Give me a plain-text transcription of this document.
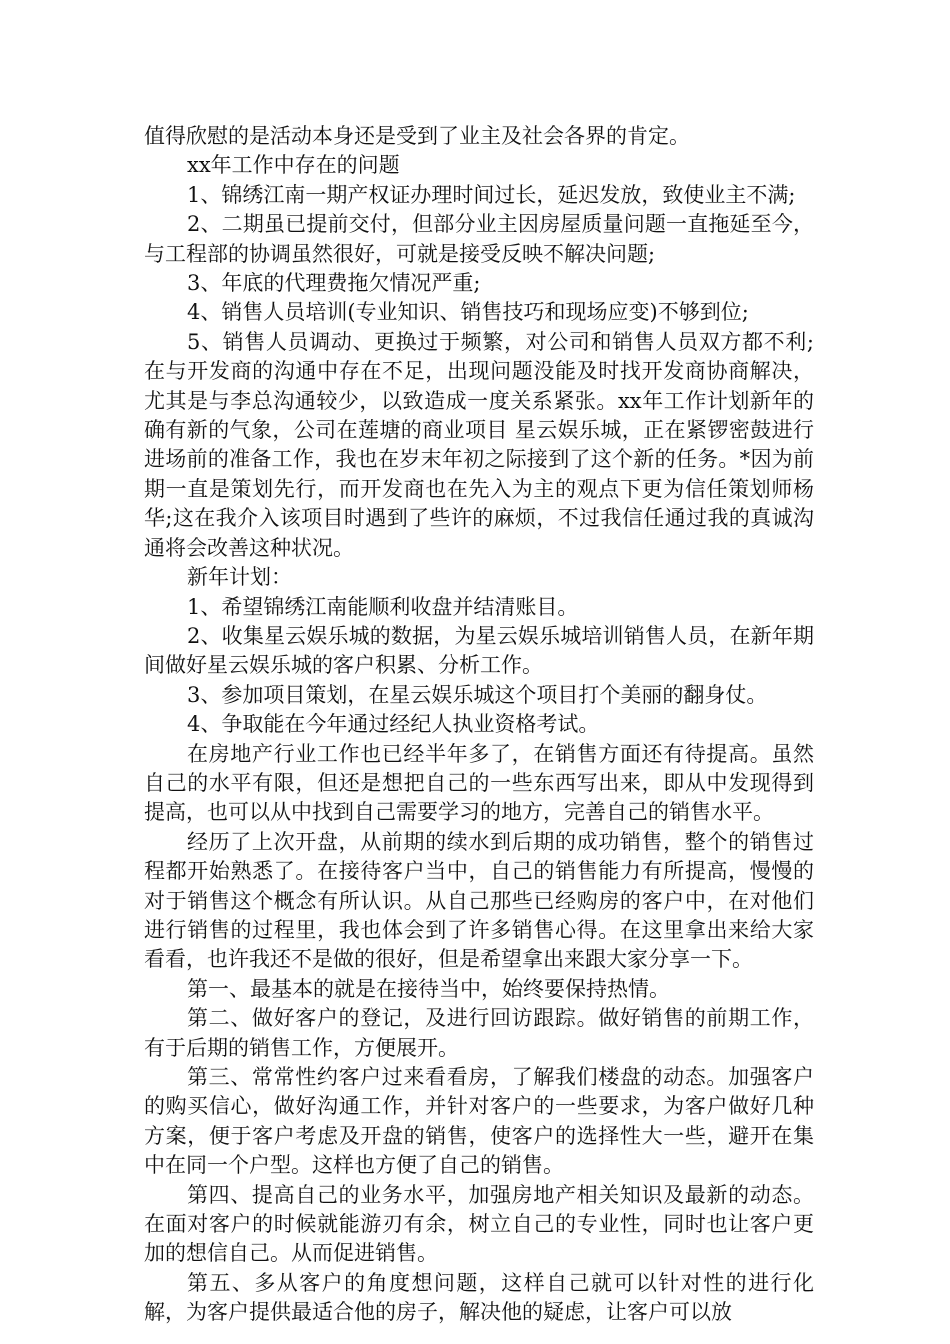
值得欣慰的是活动本身还是受到了业主及社会各界的肯定。

xx年工作中存在的问题

1、锦绣江南一期产权证办理时间过长，延迟发放，致使业主不满;

2、二期虽已提前交付，但部分业主因房屋质量问题一直拖延至今，与工程部的协调虽然很好，可就是接受反映不解决问题;

3、年底的代理费拖欠情况严重;

4、销售人员培训(专业知识、销售技巧和现场应变)不够到位;

5、销售人员调动、更换过于频繁，对公司和销售人员双方都不利;在与开发商的沟通中存在不足，出现问题没能及时找开发商协商解决，尤其是与李总沟通较少，以致造成一度关系紧张。xx年工作计划新年的确有新的气象，公司在莲塘的商业项目 星云娱乐城，正在紧锣密鼓进行进场前的准备工作，我也在岁末年初之际接到了这个新的任务。*因为前期一直是策划先行，而开发商也在先入为主的观点下更为信任策划师杨华;这在我介入该项目时遇到了些许的麻烦，不过我信任通过我的真诚沟通将会改善这种状况。

新年计划：

1、希望锦绣江南能顺利收盘并结清账目。

2、收集星云娱乐城的数据，为星云娱乐城培训销售人员，在新年期间做好星云娱乐城的客户积累、分析工作。

3、参加项目策划，在星云娱乐城这个项目打个美丽的翻身仗。

4、争取能在今年通过经纪人执业资格考试。

在房地产行业工作也已经半年多了，在销售方面还有待提高。虽然自己的水平有限，但还是想把自己的一些东西写出来，即从中发现得到提高，也可以从中找到自己需要学习的地方，完善自己的销售水平。

经历了上次开盘，从前期的续水到后期的成功销售，整个的销售过程都开始熟悉了。在接待客户当中，自己的销售能力有所提高，慢慢的对于销售这个概念有所认识。从自己那些已经购房的客户中，在对他们进行销售的过程里，我也体会到了许多销售心得。在这里拿出来给大家看看，也许我还不是做的很好，但是希望拿出来跟大家分享一下。

第一、最基本的就是在接待当中，始终要保持热情。

第二、做好客户的登记，及进行回访跟踪。做好销售的前期工作，有于后期的销售工作，方便展开。

第三、常常性约客户过来看看房，了解我们楼盘的动态。加强客户的购买信心，做好沟通工作，并针对客户的一些要求，为客户做好几种方案，便于客户考虑及开盘的销售，使客户的选择性大一些，避开在集中在同一个户型。这样也方便了自己的销售。

第四、提高自己的业务水平，加强房地产相关知识及最新的动态。在面对客户的时候就能游刃有余，树立自己的专业性，同时也让客户更加的想信自己。从而促进销售。

第五、多从客户的角度想问题，这样自己就可以针对性的进行化解，为客户提供最适合他的房子，解决他的疑虑，让客户可以放
